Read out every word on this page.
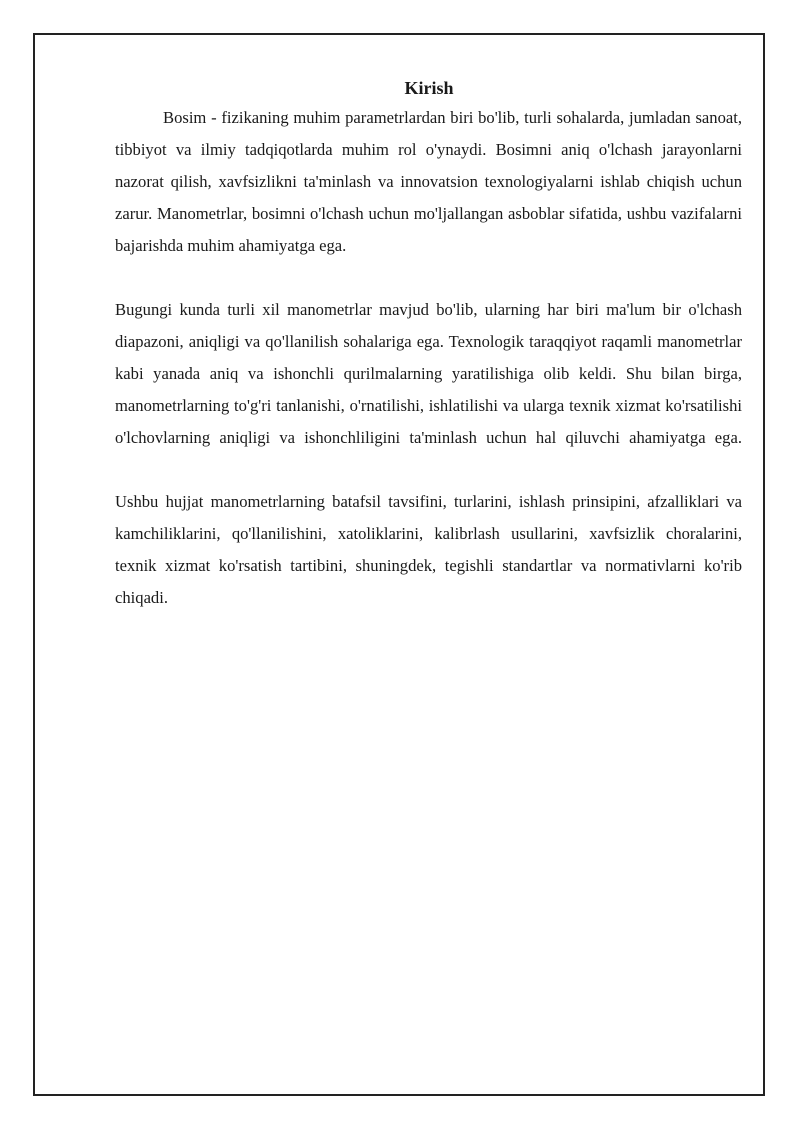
Kirish

Bosim - fizikaning muhim parametrlardan biri bo'lib, turli sohalarda, jumladan sanoat, tibbiyot va ilmiy tadqiqotlarda muhim rol o'ynaydi. Bosimni aniq o'lchash jarayonlarni nazorat qilish, xavfsizlikni ta'minlash va innovatsion texnologiyalarni ishlab chiqish uchun zarur. Manometrlar, bosimni o'lchash uchun mo'ljallangan asboblar sifatida, ushbu vazifalarni bajarishda muhim ahamiyatga ega.

Bugungi kunda turli xil manometrlar mavjud bo'lib, ularning har biri ma'lum bir o'lchash diapazoni, aniqligi va qo'llanilish sohalariga ega. Texnologik taraqqiyot raqamli manometrlar kabi yanada aniq va ishonchli qurilmalarning yaratilishiga olib keldi. Shu bilan birga, manometrlarning to'g'ri tanlanishi, o'rnatilishi, ishlatilishi va ularga texnik xizmat ko'rsatilishi o'lchovlarning aniqligi va ishonchliligini ta'minlash uchun hal qiluvchi ahamiyatga ega.

Ushbu hujjat manometrlarning batafsil tavsifini, turlarini, ishlash prinsipini, afzalliklari va kamchiliklarini, qo'llanilishini, xatoliklarini, kalibrlash usullarini, xavfsizlik choralarini, texnik xizmat ko'rsatish tartibini, shuningdek, tegishli standartlar va normativlarni ko'rib chiqadi.
